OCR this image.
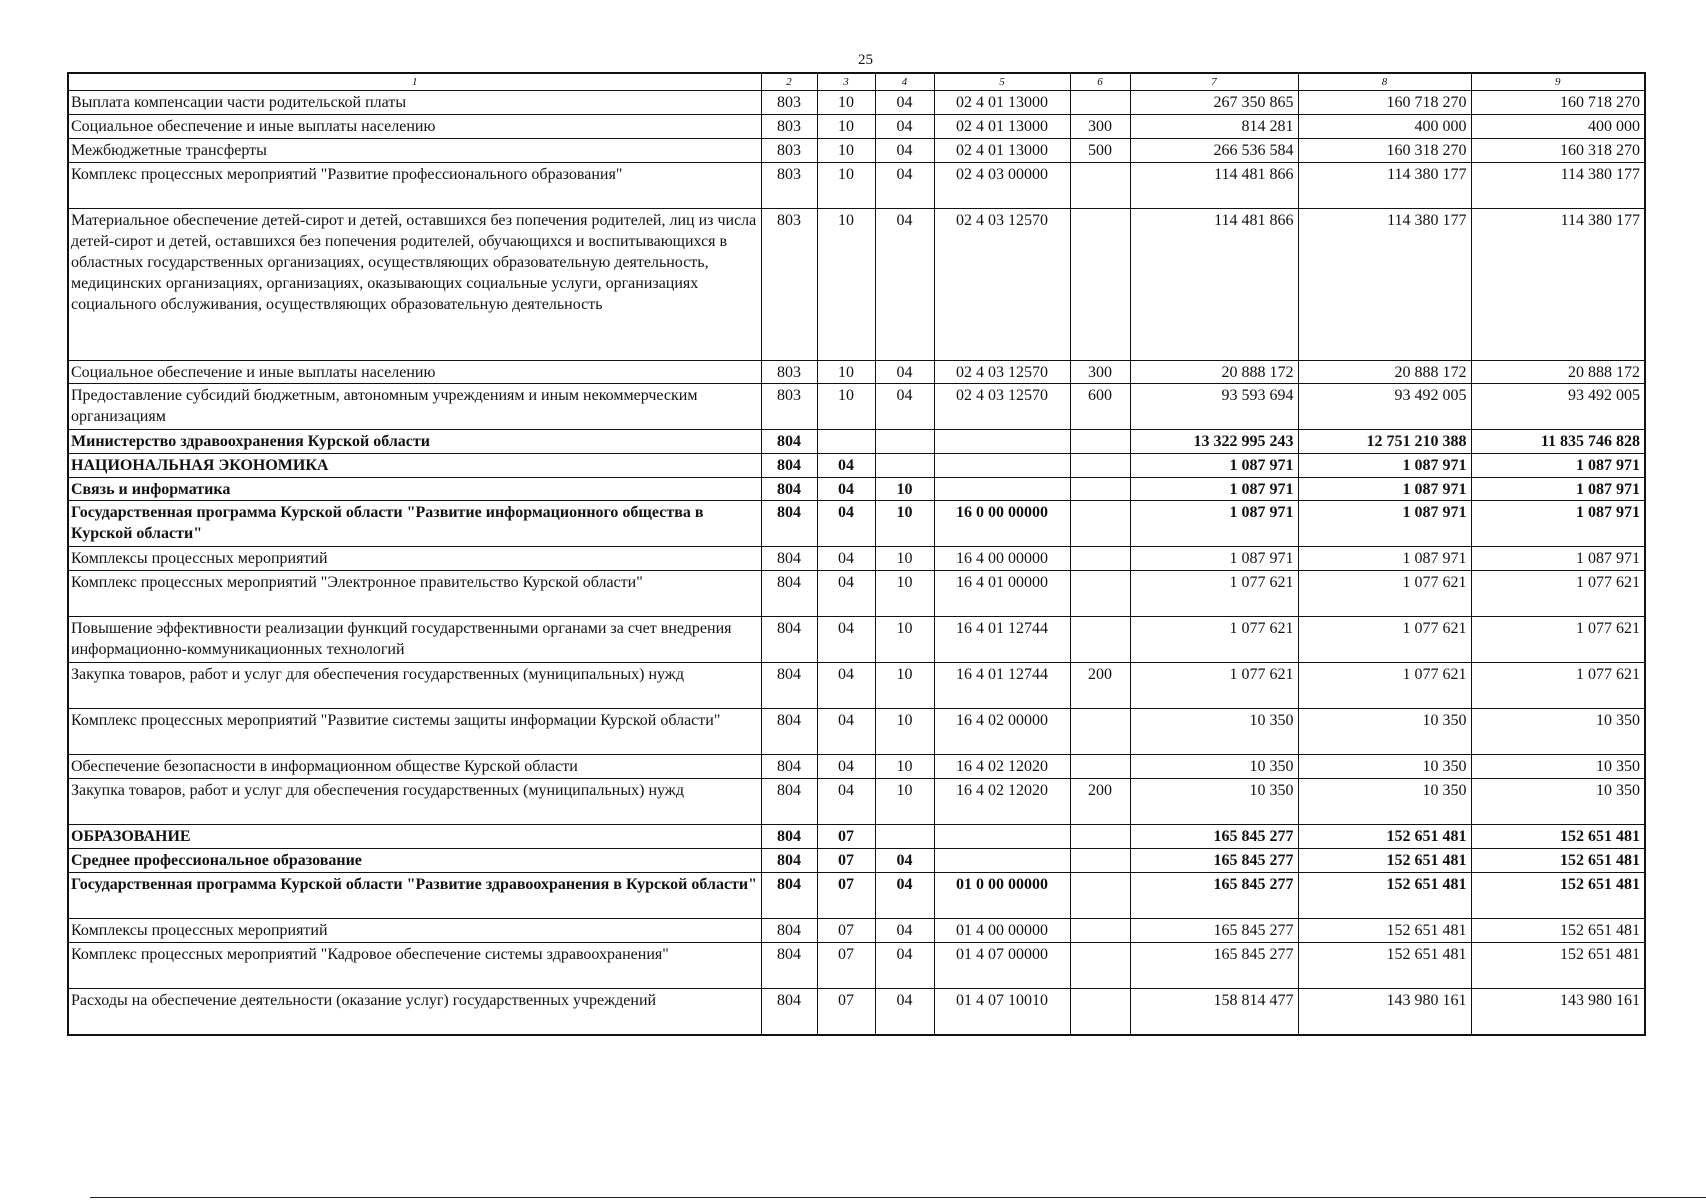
25
1	2	3	4	5	6	7	8	9
Выплата компенсации части родительской платы	803	10	04	02 4 01 13000		267 350 865	160 718 270	160 718 270
Социальное обеспечение и иные выплаты населению	803	10	04	02 4 01 13000	300	814 281	400 000	400 000
Межбюджетные трансферты	803	10	04	02 4 01 13000	500	266 536 584	160 318 270	160 318 270
Комплекс процессных мероприятий "Развитие профессионального образования"	803	10	04	02 4 03 00000		114 481 866	114 380 177	114 380 177
Материальное обеспечение детей-сирот и детей, оставшихся без попечения родителей, лиц из числа детей-сирот и детей, оставшихся без попечения родителей, обучающихся и воспитывающихся в областных государственных организациях, осуществляющих образовательную деятельность, медицинских организациях, организациях, оказывающих социальные услуги, организациях социального обслуживания, осуществляющих образовательную деятельность	803	10	04	02 4 03 12570		114 481 866	114 380 177	114 380 177
Социальное обеспечение и иные выплаты населению	803	10	04	02 4 03 12570	300	20 888 172	20 888 172	20 888 172
Предоставление субсидий бюджетным, автономным учреждениям и иным некоммерческим организациям	803	10	04	02 4 03 12570	600	93 593 694	93 492 005	93 492 005
Министерство здравоохранения Курской области	804					13 322 995 243	12 751 210 388	11 835 746 828
НАЦИОНАЛЬНАЯ ЭКОНОМИКА	804	04				1 087 971	1 087 971	1 087 971
Связь и информатика	804	04	10			1 087 971	1 087 971	1 087 971
Государственная программа Курской области "Развитие информационного общества в Курской области"	804	04	10	16 0 00 00000		1 087 971	1 087 971	1 087 971
Комплексы процессных мероприятий	804	04	10	16 4 00 00000		1 087 971	1 087 971	1 087 971
Комплекс процессных мероприятий "Электронное правительство Курской области"	804	04	10	16 4 01 00000		1 077 621	1 077 621	1 077 621
Повышение эффективности реализации функций государственными органами за счет внедрения информационно-коммуникационных технологий	804	04	10	16 4 01 12744		1 077 621	1 077 621	1 077 621
Закупка товаров, работ и услуг для обеспечения государственных (муниципальных) нужд	804	04	10	16 4 01 12744	200	1 077 621	1 077 621	1 077 621
Комплекс процессных мероприятий "Развитие системы защиты информации Курской области"	804	04	10	16 4 02 00000		10 350	10 350	10 350
Обеспечение безопасности в информационном обществе Курской области	804	04	10	16 4 02 12020		10 350	10 350	10 350
Закупка товаров, работ и услуг для обеспечения государственных (муниципальных) нужд	804	04	10	16 4 02 12020	200	10 350	10 350	10 350
ОБРАЗОВАНИЕ	804	07				165 845 277	152 651 481	152 651 481
Среднее профессиональное образование	804	07	04			165 845 277	152 651 481	152 651 481
Государственная программа Курской области "Развитие здравоохранения в Курской области"	804	07	04	01 0 00 00000		165 845 277	152 651 481	152 651 481
Комплексы процессных мероприятий	804	07	04	01 4 00 00000		165 845 277	152 651 481	152 651 481
Комплекс процессных мероприятий "Кадровое обеспечение системы здравоохранения"	804	07	04	01 4 07 00000		165 845 277	152 651 481	152 651 481
Расходы на обеспечение деятельности (оказание услуг) государственных учреждений	804	07	04	01 4 07 10010		158 814 477	143 980 161	143 980 161
